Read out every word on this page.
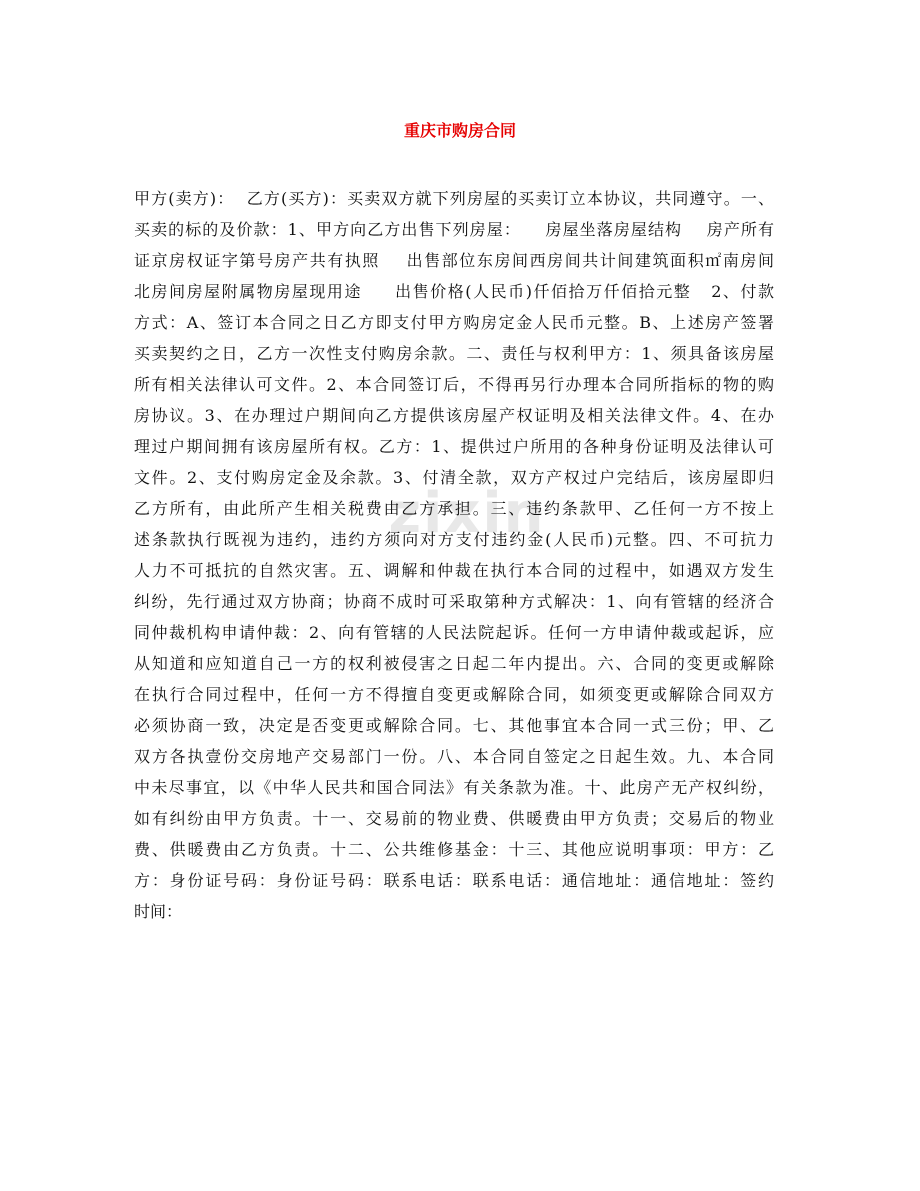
重庆市购房合同
zixin
甲方(卖方)：  乙方(买方)：买卖双方就下列房屋的买卖订立本协议，共同遵守。一、
买卖的标的及价款：1、甲方向乙方出售下列房屋：    房屋坐落房屋结构    房产所有
证京房权证字第号房产共有执照    出售部位东房间西房间共计间建筑面积㎡南房间
北房间房屋附属物房屋现用途     出售价格(人民币)仟佰拾万仟佰拾元整   2、付款
方式：A、签订本合同之日乙方即支付甲方购房定金人民币元整。B、上述房产签署
买卖契约之日，乙方一次性支付购房余款。二、责任与权利甲方：1、须具备该房屋
所有相关法律认可文件。2、本合同签订后，不得再另行办理本合同所指标的物的购
房协议。3、在办理过户期间向乙方提供该房屋产权证明及相关法律文件。4、在办
理过户期间拥有该房屋所有权。乙方：1、提供过户所用的各种身份证明及法律认可
文件。2、支付购房定金及余款。3、付清全款，双方产权过户完结后，该房屋即归
乙方所有，由此所产生相关税费由乙方承担。三、违约条款甲、乙任何一方不按上
述条款执行既视为违约，违约方须向对方支付违约金(人民币)元整。四、不可抗力
人力不可抵抗的自然灾害。五、调解和仲裁在执行本合同的过程中，如遇双方发生
纠纷，先行通过双方协商；协商不成时可采取第种方式解决：1、向有管辖的经济合
同仲裁机构申请仲裁：2、向有管辖的人民法院起诉。任何一方申请仲裁或起诉，应
从知道和应知道自己一方的权利被侵害之日起二年内提出。六、合同的变更或解除
在执行合同过程中，任何一方不得擅自变更或解除合同，如须变更或解除合同双方
必须协商一致，决定是否变更或解除合同。七、其他事宜本合同一式三份；甲、乙
双方各执壹份交房地产交易部门一份。八、本合同自签定之日起生效。九、本合同
中未尽事宜，以《中华人民共和国合同法》有关条款为准。十、此房产无产权纠纷，
如有纠纷由甲方负责。十一、交易前的物业费、供暖费由甲方负责；交易后的物业
费、供暖费由乙方负责。十二、公共维修基金：十三、其他应说明事项：甲方：乙
方：身份证号码：身份证号码：联系电话：联系电话：通信地址：通信地址：签约
时间：
